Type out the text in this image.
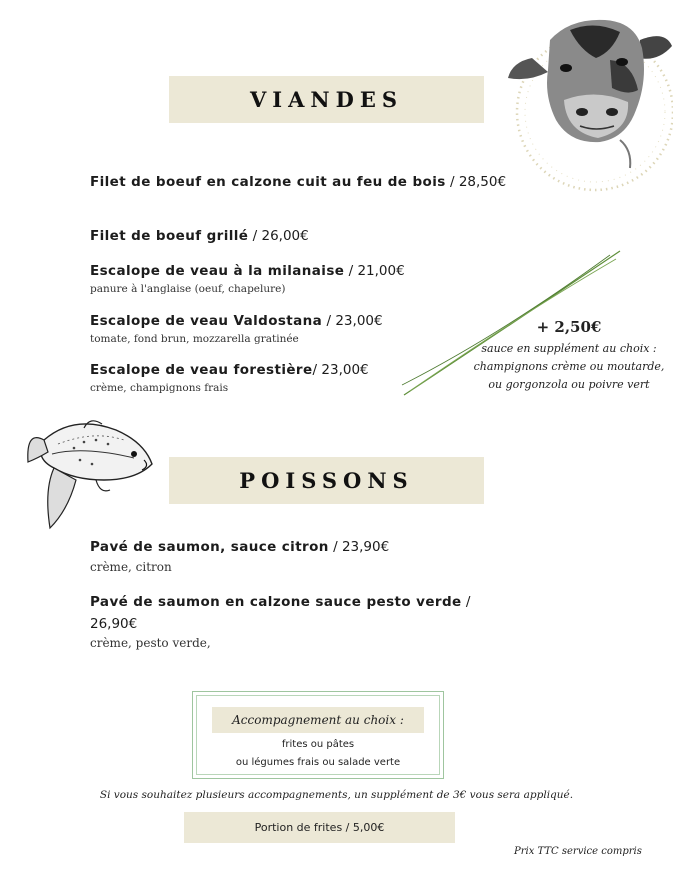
VIANDES
Filet de boeuf en calzone cuit au feu de bois / 28,50€
Filet de boeuf grillé / 26,00€
Escalope de veau à la milanaise / 21,00€
panure à l'anglaise (oeuf, chapelure)
Escalope de veau Valdostana / 23,00€
tomate, fond brun, mozzarella gratinée
Escalope de veau forestière/ 23,00€
crème, champignons frais
+ 2,50€
sauce en supplément au choix :
champignons crème ou moutarde,
ou gorgonzola ou poivre vert
POISSONS
Pavé de saumon, sauce citron / 23,90€
crème, citron
Pavé de saumon en calzone sauce pesto verde /
26,90€
crème, pesto verde,
Accompagnement au choix :
frites ou pâtes
ou légumes frais ou salade verte
Si vous souhaitez plusieurs accompagnements, un supplément de 3€ vous sera appliqué.
Portion de frites / 5,00€
Prix TTC service compris
